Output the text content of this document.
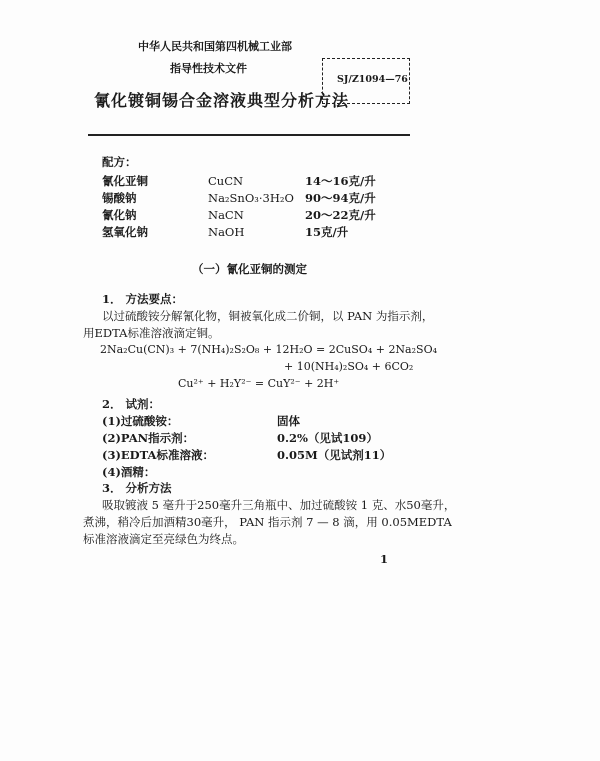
中华人民共和国第四机械工业部
指导性技术文件
氰化镀铜锡合金溶液典型分析方法
SJ/Z1094—76
配方：
氰化亚铜	CuCN	14～16克/升
锡酸钠	Na₂SnO₃·3H₂O 90～94克/升
氰化钠	NaCN	20～22克/升
氢氧化钠	NaOH	15克/升
（一）氰化亚铜的测定
1． 方法要点：
以过硫酸铵分解氰化物，铜被氧化成二价铜，以 PAN 为指示剂，
用EDTA标准溶液滴定铜。
2Na₂Cu(CN)₃ + 7(NH₄)₂S₂O₈ + 12H₂O = 2CuSO₄ + 2Na₂SO₄
+ 10(NH₄)₂SO₄ + 6CO₂
Cu²⁺ + H₂Y²⁻ = CuY²⁻ + 2H⁺
2． 试剂：
(1)过硫酸铵：	固体
(2)PAN指示剂：	0.2%（见试109）
(3)EDTA标准溶液：	0.05M（见试剂11）
(4)酒精：
3． 分析方法
吸取镀液 5 毫升于250毫升三角瓶中、加过硫酸铵 1 克、水50毫升，
煮沸，稍冷后加酒精30毫升， PAN 指示剂 7 — 8 滴，用 0.05MEDTA
标准溶液滴定至亮绿色为终点。
1
